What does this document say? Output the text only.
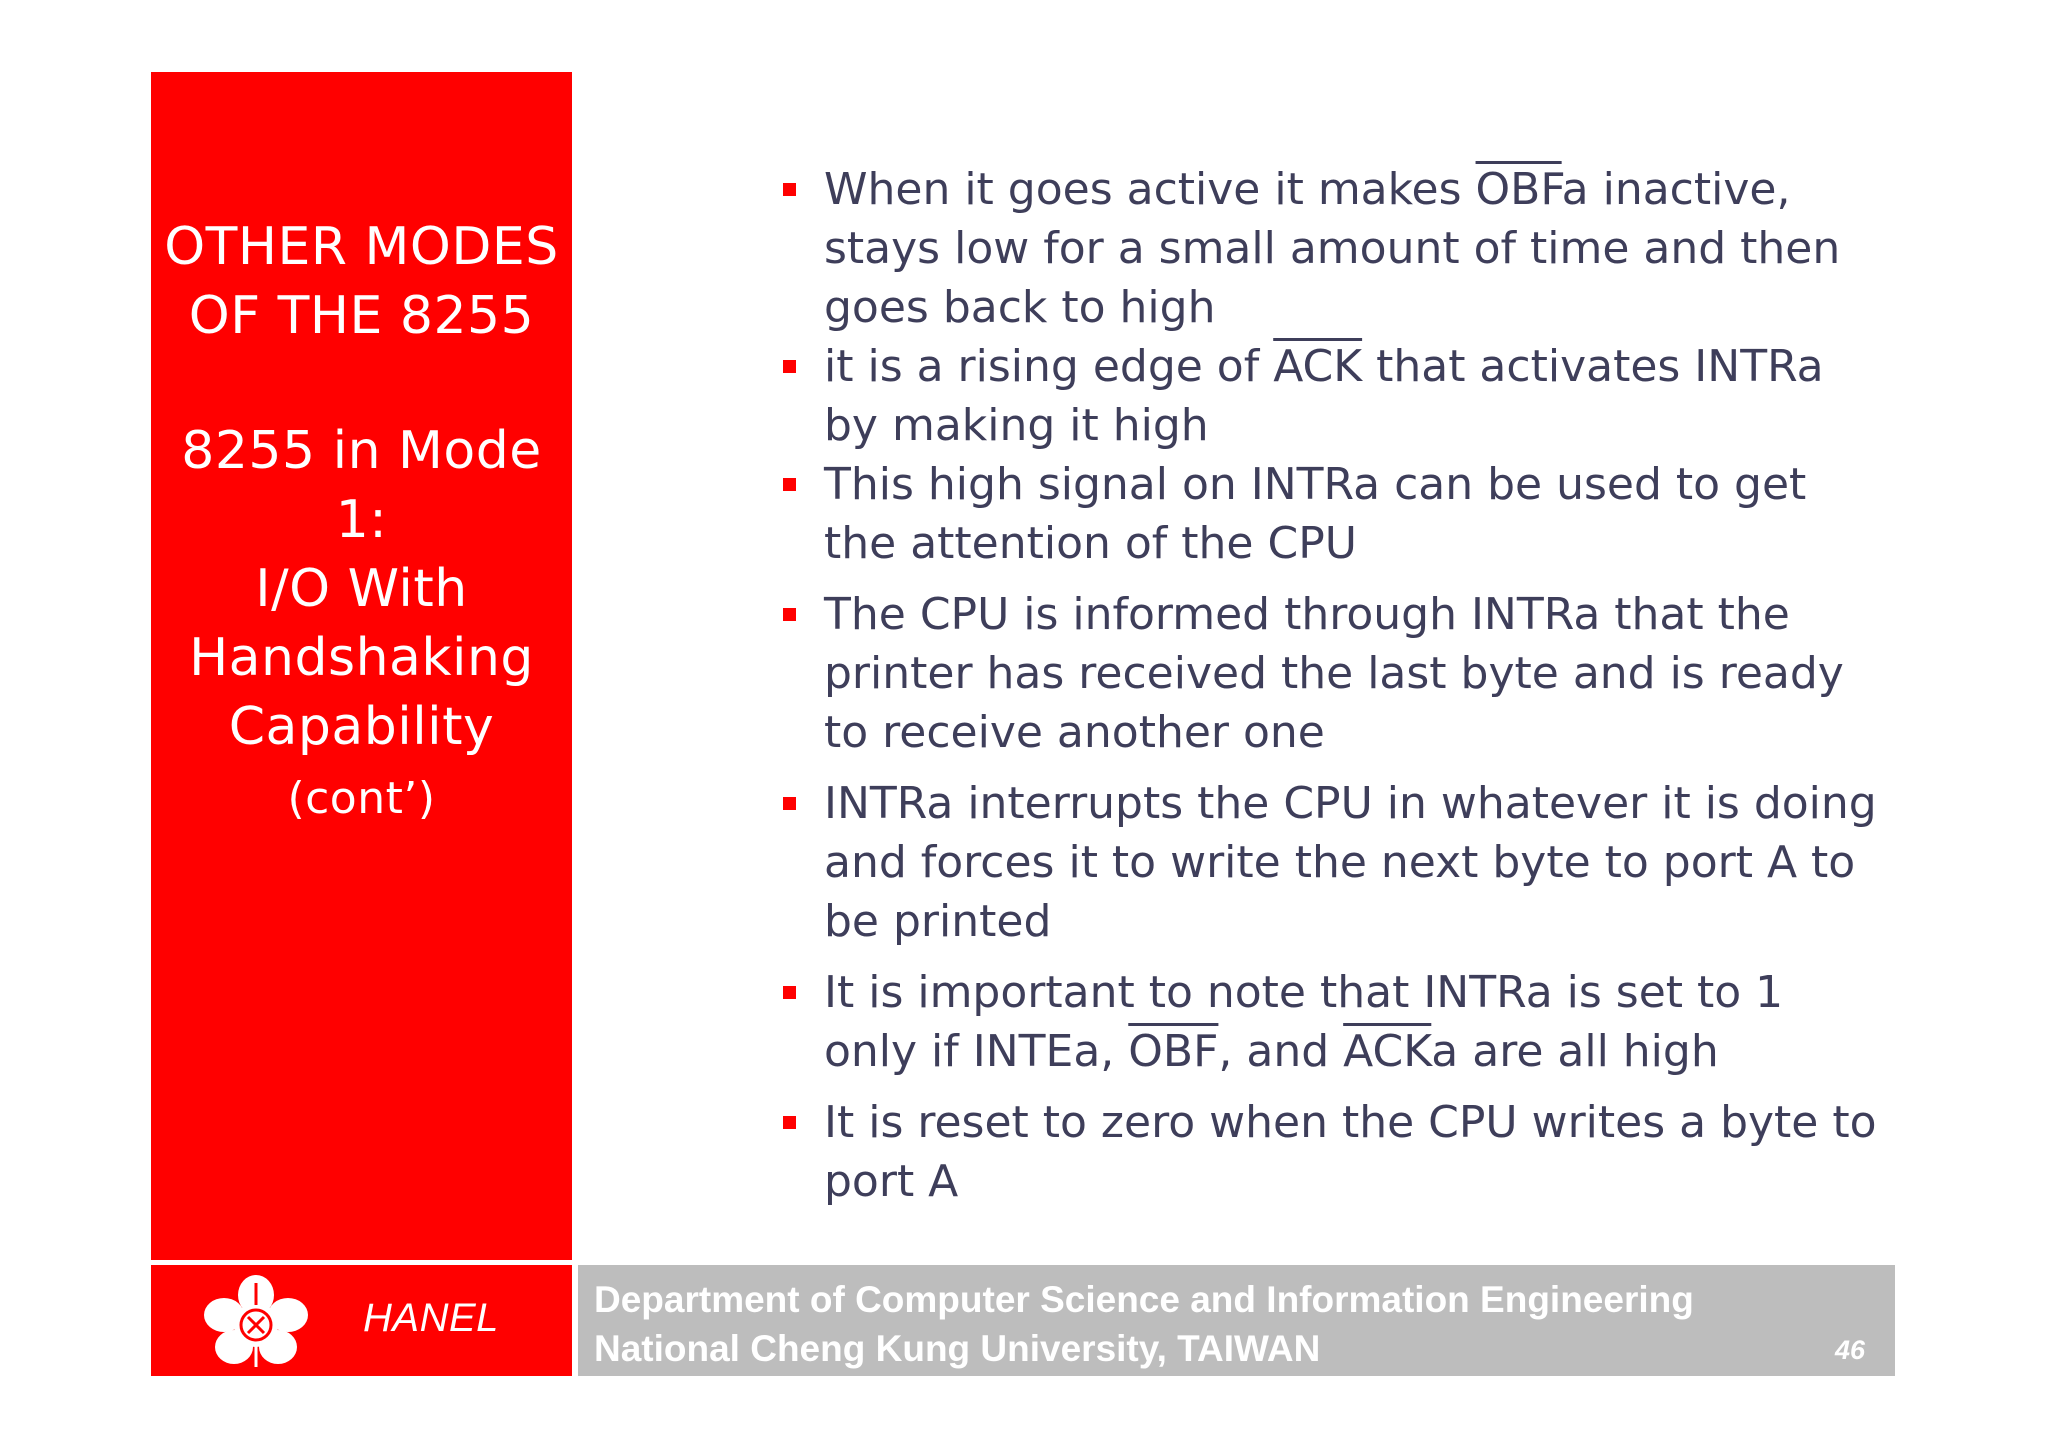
OTHER MODES
OF THE 8255
8255 in Mode 1:
I/O With
Handshaking
Capability (cont’)
When it goes active it makes $\overline{OBF}a$ inactive, stays low for a small amount of time and then goes back to high
it is a rising edge of $\overline{ACK}$ that activates INTRa by making it high
This high signal on INTRa can be used to get the attention of the CPU
The CPU is informed through INTRa that the printer has received the last byte and is ready to receive another one
INTRa interrupts the CPU in whatever it is doing and forces it to write the next byte to port A to be printed
It is important to note that INTRa is set to 1 only if INTEa, $\overline{OBF}$, and $\overline{ACK}a$ are all high
It is reset to zero when the CPU writes a byte to port A
HANEL	Department of Computer Science and Information Engineering
National Cheng Kung University, TAIWAN	46
